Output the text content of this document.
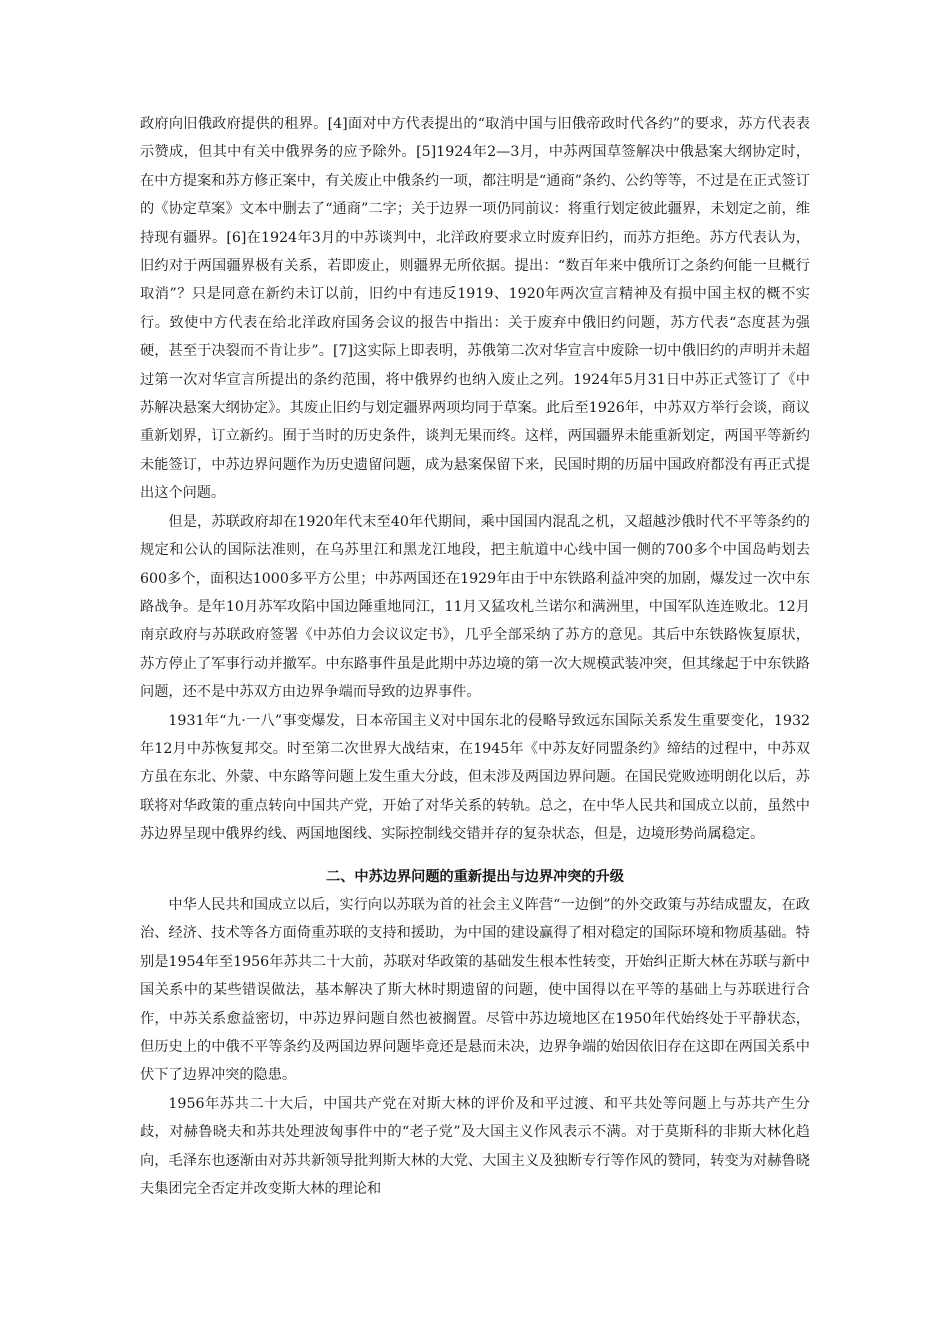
政府向旧俄政府提供的租界。[4]面对中方代表提出的“取消中国与旧俄帝政时代各约”的要求，苏方代表表示赞成，但其中有关中俄界务的应予除外。[5]1924年2—3月，中苏两国草签解决中俄悬案大纲协定时，在中方提案和苏方修正案中，有关废止中俄条约一项，都注明是“通商”条约、公约等等，不过是在正式签订的《协定草案》文本中删去了“通商”二字；关于边界一项仍同前议：将重行划定彼此疆界，未划定之前，维持现有疆界。[6]在1924年3月的中苏谈判中，北洋政府要求立时废弃旧约，而苏方拒绝。苏方代表认为，旧约对于两国疆界极有关系，若即废止，则疆界无所依据。提出：“数百年来中俄所订之条约何能一旦概行取消”？只是同意在新约未订以前，旧约中有违反1919、1920年两次宣言精神及有损中国主权的概不实行。致使中方代表在给北洋政府国务会议的报告中指出：关于废弃中俄旧约问题，苏方代表“态度甚为强硬，甚至于决裂而不肯让步”。[7]这实际上即表明，苏俄第二次对华宣言中废除一切中俄旧约的声明并未超过第一次对华宣言所提出的条约范围，将中俄界约也纳入废止之列。1924年5月31日中苏正式签订了《中苏解决悬案大纲协定》。其废止旧约与划定疆界两项均同于草案。此后至1926年，中苏双方举行会谈，商议重新划界，订立新约。囿于当时的历史条件，谈判无果而终。这样，两国疆界未能重新划定，两国平等新约未能签订，中苏边界问题作为历史遗留问题，成为悬案保留下来，民国时期的历届中国政府都没有再正式提出这个问题。

但是，苏联政府却在1920年代末至40年代期间，乘中国国内混乱之机，又超越沙俄时代不平等条约的规定和公认的国际法准则，在乌苏里江和黑龙江地段，把主航道中心线中国一侧的700多个中国岛屿划去600多个，面积达1000多平方公里；中苏两国还在1929年由于中东铁路利益冲突的加剧，爆发过一次中东路战争。是年10月苏军攻陷中国边陲重地同江，11月又猛攻札兰诺尔和满洲里，中国军队连连败北。12月南京政府与苏联政府签署《中苏伯力会议议定书》，几乎全部采纳了苏方的意见。其后中东铁路恢复原状，苏方停止了军事行动并撤军。中东路事件虽是此期中苏边境的第一次大规模武装冲突，但其缘起于中东铁路问题，还不是中苏双方由边界争端而导致的边界事件。

1931年“九·一八”事变爆发，日本帝国主义对中国东北的侵略导致远东国际关系发生重要变化，1932年12月中苏恢复邦交。时至第二次世界大战结束，在1945年《中苏友好同盟条约》缔结的过程中，中苏双方虽在东北、外蒙、中东路等问题上发生重大分歧，但未涉及两国边界问题。在国民党败迹明朗化以后，苏联将对华政策的重点转向中国共产党，开始了对华关系的转轨。总之，在中华人民共和国成立以前，虽然中苏边界呈现中俄界约线、两国地图线、实际控制线交错并存的复杂状态，但是，边境形势尚属稳定。

二、中苏边界问题的重新提出与边界冲突的升级

中华人民共和国成立以后，实行向以苏联为首的社会主义阵营“一边倒”的外交政策与苏结成盟友，在政治、经济、技术等各方面倚重苏联的支持和援助，为中国的建设赢得了相对稳定的国际环境和物质基础。特别是1954年至1956年苏共二十大前，苏联对华政策的基础发生根本性转变，开始纠正斯大林在苏联与新中国关系中的某些错误做法，基本解决了斯大林时期遗留的问题，使中国得以在平等的基础上与苏联进行合作，中苏关系愈益密切，中苏边界问题自然也被搁置。尽管中苏边境地区在1950年代始终处于平静状态，但历史上的中俄不平等条约及两国边界问题毕竟还是悬而未决，边界争端的始因依旧存在这即在两国关系中伏下了边界冲突的隐患。

1956年苏共二十大后，中国共产党在对斯大林的评价及和平过渡、和平共处等问题上与苏共产生分歧，对赫鲁晓夫和苏共处理波匈事件中的“老子党”及大国主义作风表示不满。对于莫斯科的非斯大林化趋向，毛泽东也逐渐由对苏共新领导批判斯大林的大党、大国主义及独断专行等作风的赞同，转变为对赫鲁晓夫集团完全否定并改变斯大林的理论和
